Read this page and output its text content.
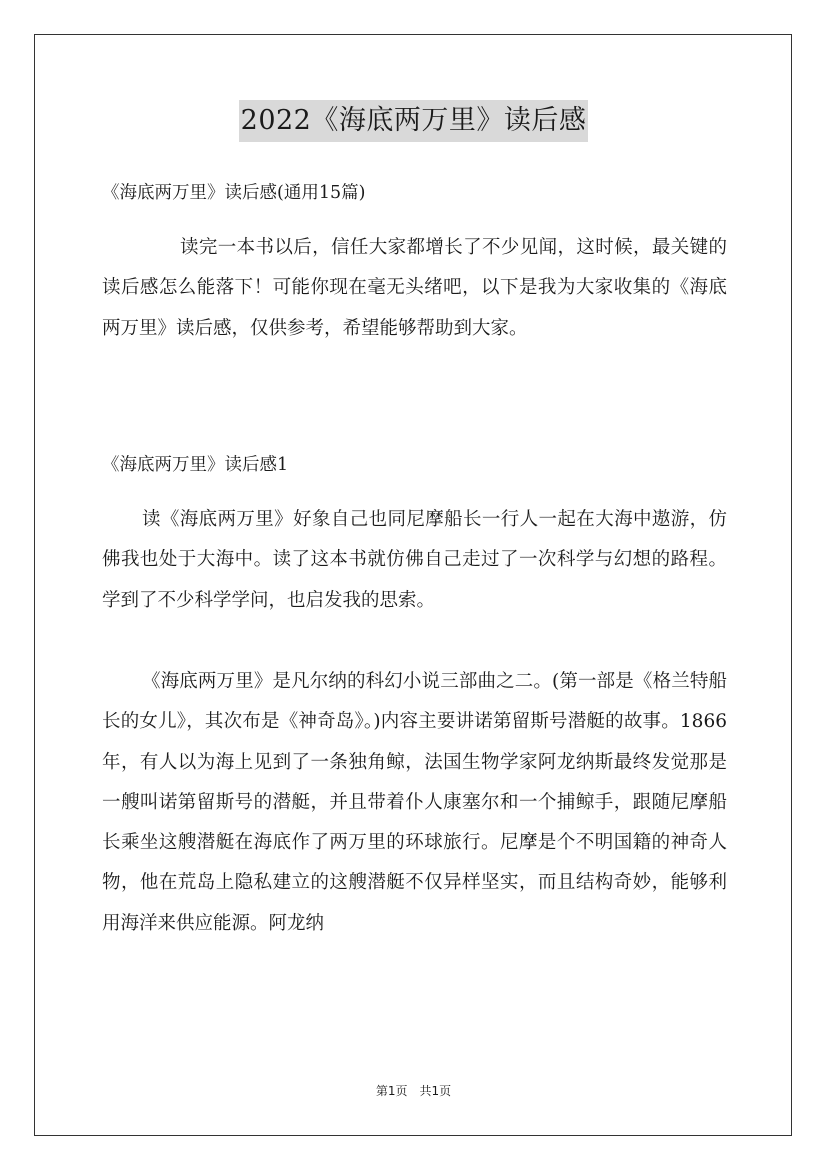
2022《海底两万里》读后感
《海底两万里》读后感(通用15篇)

读完一本书以后，信任大家都增长了不少见闻，这时候，最关键的读后感怎么能落下！可能你现在毫无头绪吧，以下是我为大家收集的《海底两万里》读后感，仅供参考，希望能够帮助到大家。

《海底两万里》读后感1

读《海底两万里》好象自己也同尼摩船长一行人一起在大海中遨游，仿佛我也处于大海中。读了这本书就仿佛自己走过了一次科学与幻想的路程。学到了不少科学学问，也启发我的思索。

《海底两万里》是凡尔纳的科幻小说三部曲之二。(第一部是《格兰特船长的女儿》，其次布是《神奇岛》。)内容主要讲诺第留斯号潜艇的故事。1866年，有人以为海上见到了一条独角鲸，法国生物学家阿龙纳斯最终发觉那是一艘叫诺第留斯号的潜艇，并且带着仆人康塞尔和一个捕鲸手，跟随尼摩船长乘坐这艘潜艇在海底作了两万里的环球旅行。尼摩是个不明国籍的神奇人物，他在荒岛上隐私建立的这艘潜艇不仅异样坚实，而且结构奇妙，能够利用海洋来供应能源。阿龙纳

第1页 共1页
